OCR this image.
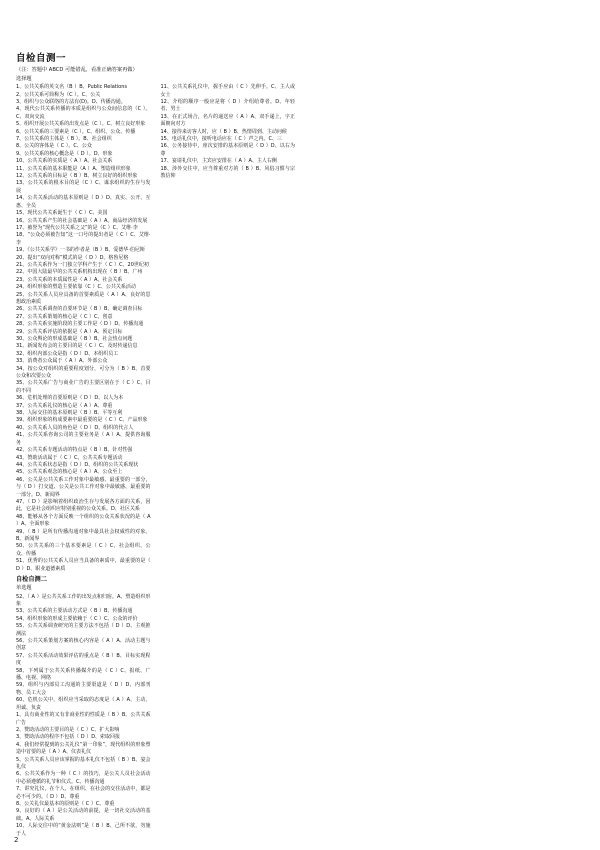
自检自测一

（注：答题中 ABCD 可能错乱，看准正确答案再做）

选择题

1、公共关系的英文名（B ）B、Public Relations

2、公共关系可简称为（C ）。C、公关

3、组织与公众联络的方法有(D)。D、传播沟通。

4、现代公共关系传播的本质是组织与公众间信息的（C ）。C、双向交流

5、组织开展公共关系的出发点是（C ）。C、树立良好形象

6、公共关系的三要素是（C ）。C、组织、公众、传播

7、公共关系的主体是（ B ）。B、社会组织

8、公关的客体是（ C ）。C、公众

9、公共关系的核心概念是（ D ）。D、形象

10、公共关系的实质是（ A ）A、社会关系

11、公共关系的基本职能是（A ）A、塑造组织形象

12、公共关系的目标是（ B ）B、树立良好的组织形象

13、公共关系的根本目的是（C ）C、谋求组织的生存与发展

14、公共关系活动的基本原则是（ D ）D、真实、公开、互惠、全员

15、现代公共关系诞生于（ C ）C、美国

16、公共关系产生的社会基础是（ A ）A、商品经济的发展

17、被誉为“现代公共关系之父”的是（C ）C、艾维·李

18、“公众必须被告知”这一口号的提出者是（ C ）C、艾维·李

19、《公共关系学》一书的作者是（B ）B、爱德华·伯尼斯

20、提出“双向对称”模式的是（ D ）D、格鲁尼格

21、公共关系作为一门独立学科产生于（ C ）C、20世纪初

22、中国大陆最早的公共关系机构出现在（ B ）B、广州

23、公共关系的本质属性是（ A ）A、社会关系

24、组织形象的塑造主要依靠（C ）C、公共关系活动

25、公共关系人员应具备的首要素质是（ A ）A、良好的思想政治素质

26、公共关系调查的首要环节是（ B ）B、确定调查目标

27、公共关系策划的核心是（ C ）C、创意

28、公共关系实施阶段的主要工作是（ D ）D、传播沟通

29、公共关系评估的依据是（ A ）A、预定目标

30、公众舆论的形成基础是（ B ）B、社会热点问题

31、新闻发布会的主要目的是（ C ）C、及时传递信息

32、组织内部公众是指（ D ）D、本组织员工

33、消费者公众属于（ A ）A、外部公众

34、按公众对组织的重要程度划分，可分为（ B ）B、首要公众和次要公众

35、公共关系广告与商业广告的主要区别在于（ C ）C、目的不同

36、危机处理的首要原则是（ D ）D、以人为本

37、公共关系礼仪的核心是（ A ）A、尊重

38、人际交往的基本原则是（ B ）B、平等互利

39、组织形象的构成要素中最重要的是（ C ）C、产品形象

40、公共关系人员的角色是（ D ）D、组织的代言人

41、公共关系咨询公司的主要业务是（ A ）A、提供咨询服务

42、公共关系专题活动的特点是（ B ）B、针对性强

43、赞助活动属于（ C ）C、公共关系专题活动

44、公共关系状态是指（ D ）D、组织的公共关系现状

45、公共关系观念的核心是（ A ）A、公众至上

46、公关是公共关系工作对象中最敏感、最重要的一部分，与（ D ）打交道、公关是公共工作对象中最敏感、最重要的一部分。D、新闻界

47、（ D ）是影响着组织政治生存与发展各方面的关系，因此，它是社会组织应特别重视的公众关系。D、社区关系

48、能够从各个方面反映一个组织的公众关系状况的是（ A ）A、全面形象

49、（ B ）是所有传播沟通对象中最具社会权威性的对象。B、新闻界

50、公共关系的三个基本要素是（ C ）C、社会组织、公众、传播

51、优秀的公共关系人员应当具备的素质中，最重要的是（ D ）D、职业道德素质

自检自测二

单选题

52、（ A ）是公共关系工作的出发点和归宿。A、塑造组织形象

53、公共关系的主要活动方式是（ B ）B、传播沟通

54、组织形象的形成主要依赖于（ C ）C、公众的评价

55、公共关系调查研究的主要方法不包括（ D ）D、主观推测法

56、公共关系策划方案的核心内容是（ A ）A、活动主题与创意

57、公共关系活动效果评估的重点是（ B ）B、目标实现程度

58、下列属于公共关系传播媒介的是（ C ）C、报纸、广播、电视、网络

59、组织与内部员工沟通的主要渠道是（ D ）D、内部刊物、员工大会

60、危机公关中，组织应当采取的态度是（ A ）A、主动、坦诚、负责

1、具有商业性的又有非商业性的性质是（ B ）B、公共关系广告

2、赞助活动的主要目的是（ C ）C、扩大影响

3、赞助活动的程序不包括（ D ）D、索取回报

4、我们经常提到的公关礼仪“第一印象”，现代组织的形象塑造中首要的是（ A ）A、仪表礼仪

5、公共关系人员应该掌握的基本礼仪不包括（ B ）B、宴会礼仪

6、公共关系作为一种（ C ）的技巧，是公关人员社会活动中必须遵循的礼节和仪式。C、传播沟通

7、讲究礼仪，在个人、在组织、在社会的交往活动中，都是必不可少的。（ D ）D、尊重

8、公关礼仪最基本的原则是（ C ）C、尊重

9、良好的（ A ）是公关活动的前提，是一切社交活动的基础。A、人际关系

10、人际交往中的“黄金法则”是（ B ）B、己所不欲，勿施于人

11、公共关系礼仪中，握手应由（ C ）先伸手。C、主人或女士

12、介绍的顺序一般应是将（ D ）介绍给尊者。D、年轻者、男士

13、在正式场合，名片的递送应（ A ）A、双手递上，字正面朝向对方

14、接待来访客人时，应（ B ）B、热情周到、主动问候

15、电话礼仪中，接听电话应在（ C ）声之内。C、三

16、公务接待中，座次安排的基本原则是（ D ）D、以右为尊

17、宴请礼仪中，主宾应安排在（ A ）A、主人右侧

18、涉外交往中，应当尊重对方的（ B ）B、风俗习惯与宗教信仰

2
